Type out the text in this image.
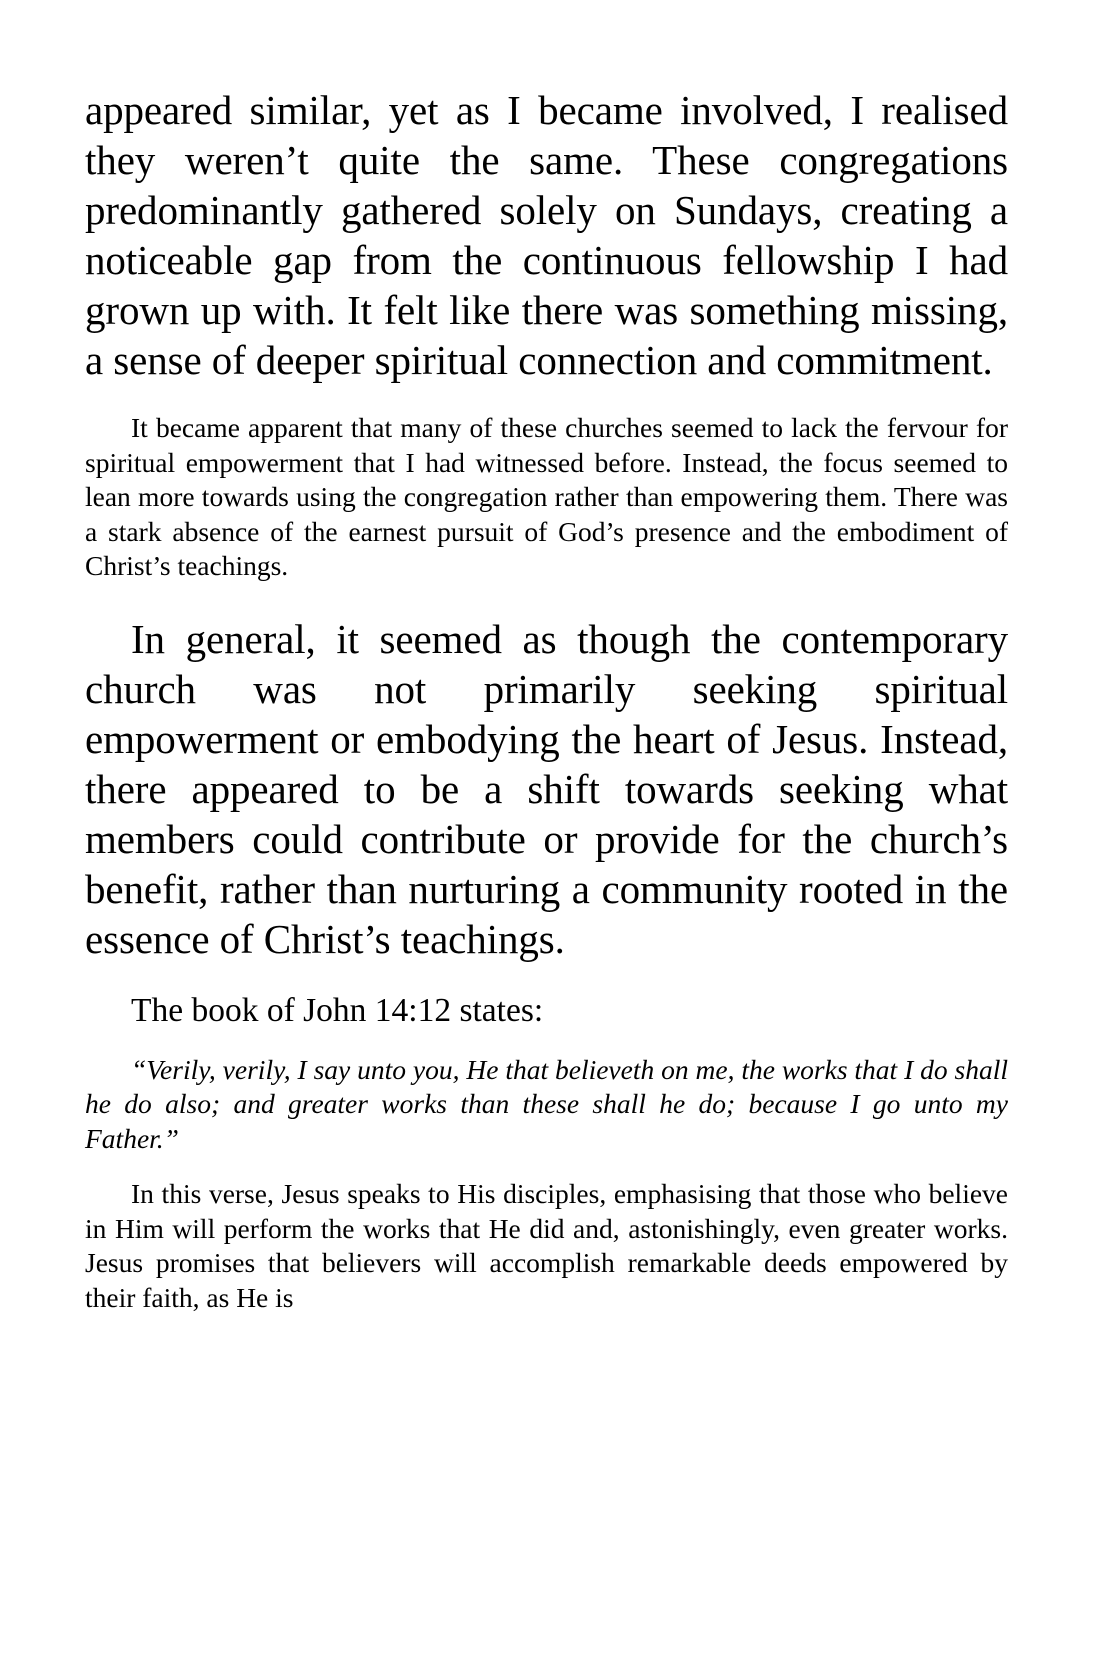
appeared similar, yet as I became involved, I realised they weren’t quite the same. These congregations predominantly gathered solely on Sundays, creating a noticeable gap from the continuous fellowship I had grown up with. It felt like there was something missing, a sense of deeper spiritual connection and commitment.

It became apparent that many of these churches seemed to lack the fervour for spiritual empowerment that I had witnessed before. Instead, the focus seemed to lean more towards using the congregation rather than empowering them. There was a stark absence of the earnest pursuit of God’s presence and the embodiment of Christ’s teachings.

In general, it seemed as though the contemporary church was not primarily seeking spiritual empowerment or embodying the heart of Jesus. Instead, there appeared to be a shift towards seeking what members could contribute or provide for the church’s benefit, rather than nurturing a community rooted in the essence of Christ’s teachings.

The book of John 14:12 states:
“Verily, verily, I say unto you, He that believeth on me, the works that I do shall he do also; and greater works than these shall he do; because I go unto my Father.”

In this verse, Jesus speaks to His disciples, emphasising that those who believe in Him will perform the works that He did and, astonishingly, even greater works. Jesus promises that believers will accomplish remarkable deeds empowered by their faith, as He is
